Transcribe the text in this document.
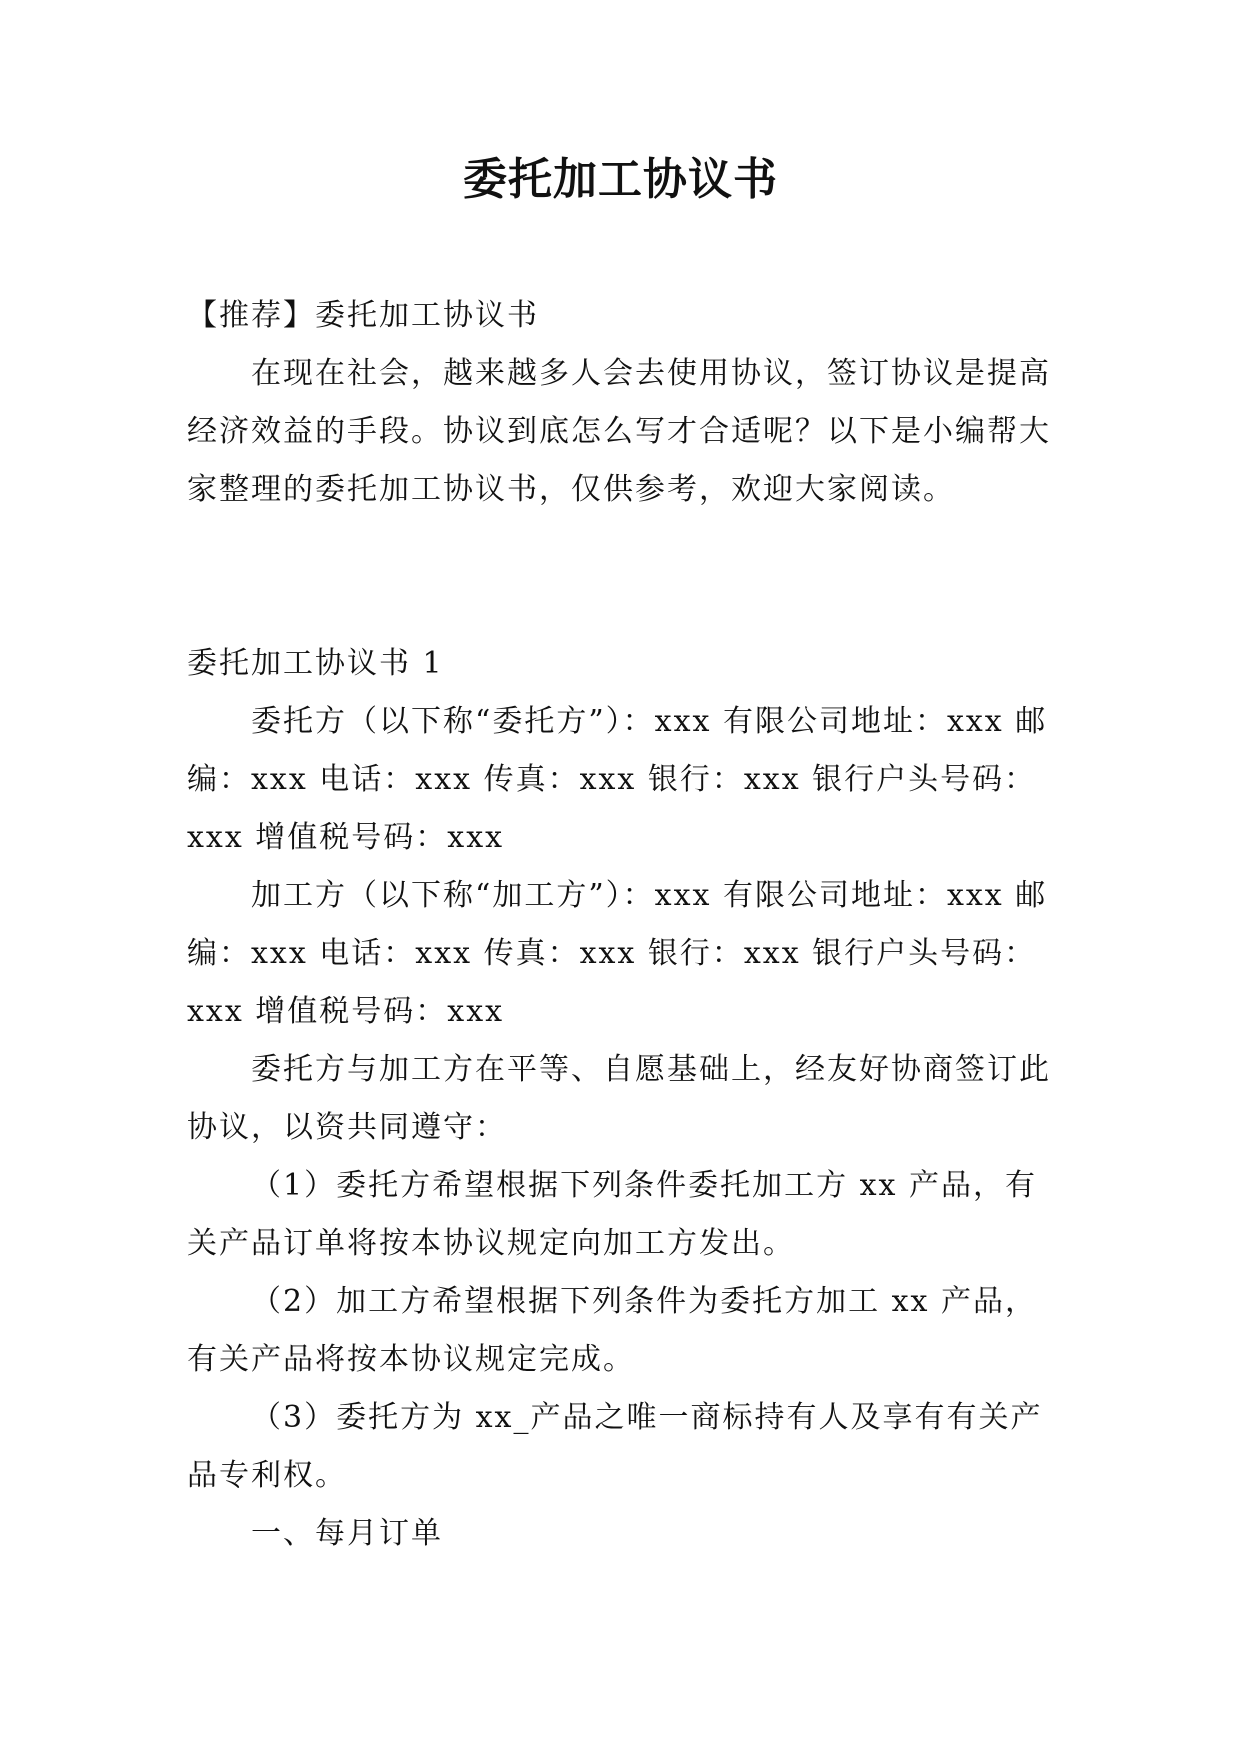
委托加工协议书

【推荐】委托加工协议书

在现在社会，越来越多人会去使用协议，签订协议是提高经济效益的手段。协议到底怎么写才合适呢？以下是小编帮大家整理的委托加工协议书，仅供参考，欢迎大家阅读。

委托加工协议书 1

委托方（以下称“委托方”）：xxx 有限公司地址：xxx 邮编：xxx 电话：xxx 传真：xxx 银行：xxx 银行户头号码：xxx 增值税号码：xxx

加工方（以下称“加工方”）：xxx 有限公司地址：xxx 邮编：xxx 电话：xxx 传真：xxx 银行：xxx 银行户头号码：xxx 增值税号码：xxx

委托方与加工方在平等、自愿基础上，经友好协商签订此协议，以资共同遵守：

（1）委托方希望根据下列条件委托加工方 xx 产品，有关产品订单将按本协议规定向加工方发出。

（2）加工方希望根据下列条件为委托方加工 xx 产品，有关产品将按本协议规定完成。

（3）委托方为 xx_产品之唯一商标持有人及享有有关产品专利权。

一、每月订单
